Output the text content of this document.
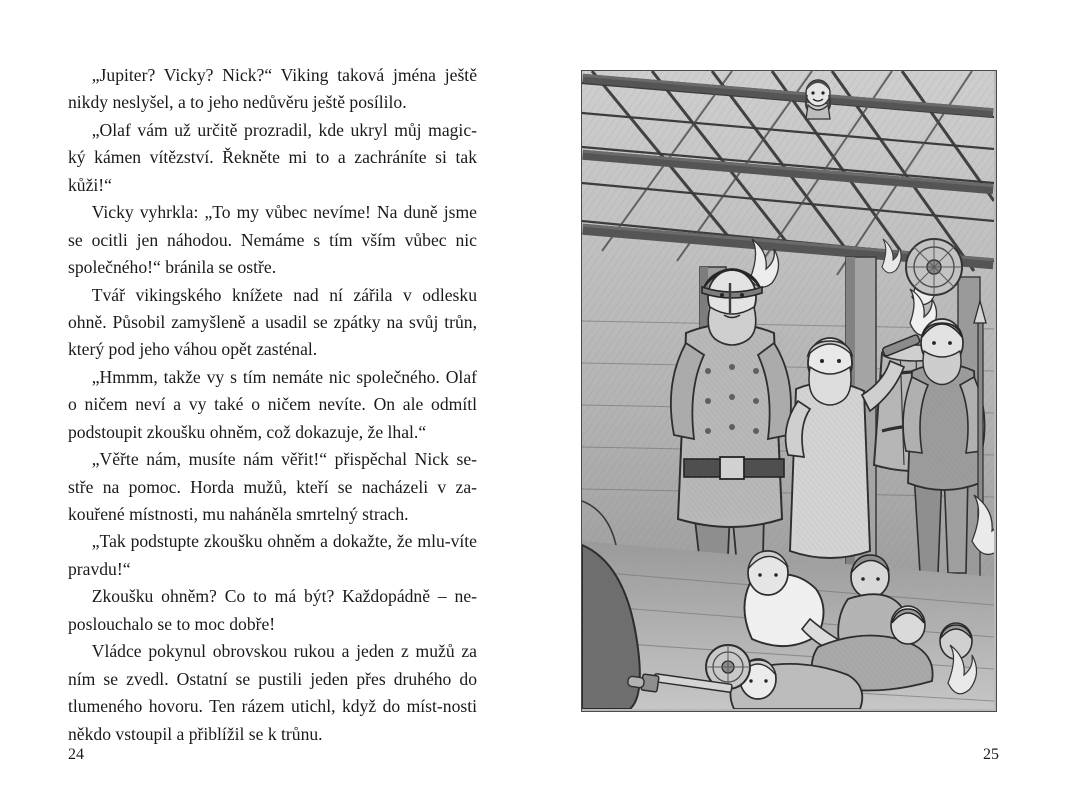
„Jupiter? Vicky? Nick?“ Viking taková jména ještě nikdy neslyšel, a to jeho nedůvěru ještě posílilo.

„Olaf vám už určitě prozradil, kde ukryl můj magic-ký kámen vítězství. Řekněte mi to a zachráníte si tak kůži!“

Vicky vyhrkla: „To my vůbec nevíme! Na duně jsme se ocitli jen náhodou. Nemáme s tím vším vůbec nic společného!“ bránila se ostře.

Tvář vikingského knížete nad ní zářila v odlesku ohně. Působil zamyšleně a usadil se zpátky na svůj trůn, který pod jeho váhou opět zasténal.

„Hmmm, takže vy s tím nemáte nic společného. Olaf o ničem neví a vy také o ničem nevíte. On ale odmítl podstoupit zkoušku ohněm, což dokazuje, že lhal.“

„Věřte nám, musíte nám věřit!“ přispěchal Nick se-stře na pomoc. Horda mužů, kteří se nacházeli v za-kouřené místnosti, mu naháněla smrtelný strach.

„Tak podstupte zkoušku ohněm a dokažte, že mlu-víte pravdu!“

Zkoušku ohněm? Co to má být? Každopádně – ne-poslouchalo se to moc dobře!

Vládce pokynul obrovskou rukou a jeden z mužů za ním se zvedl. Ostatní se pustili jeden přes druhého do tlumeného hovoru. Ten rázem utichl, když do míst-nosti někdo vstoupil a přiblížil se k trůnu.

24	25
